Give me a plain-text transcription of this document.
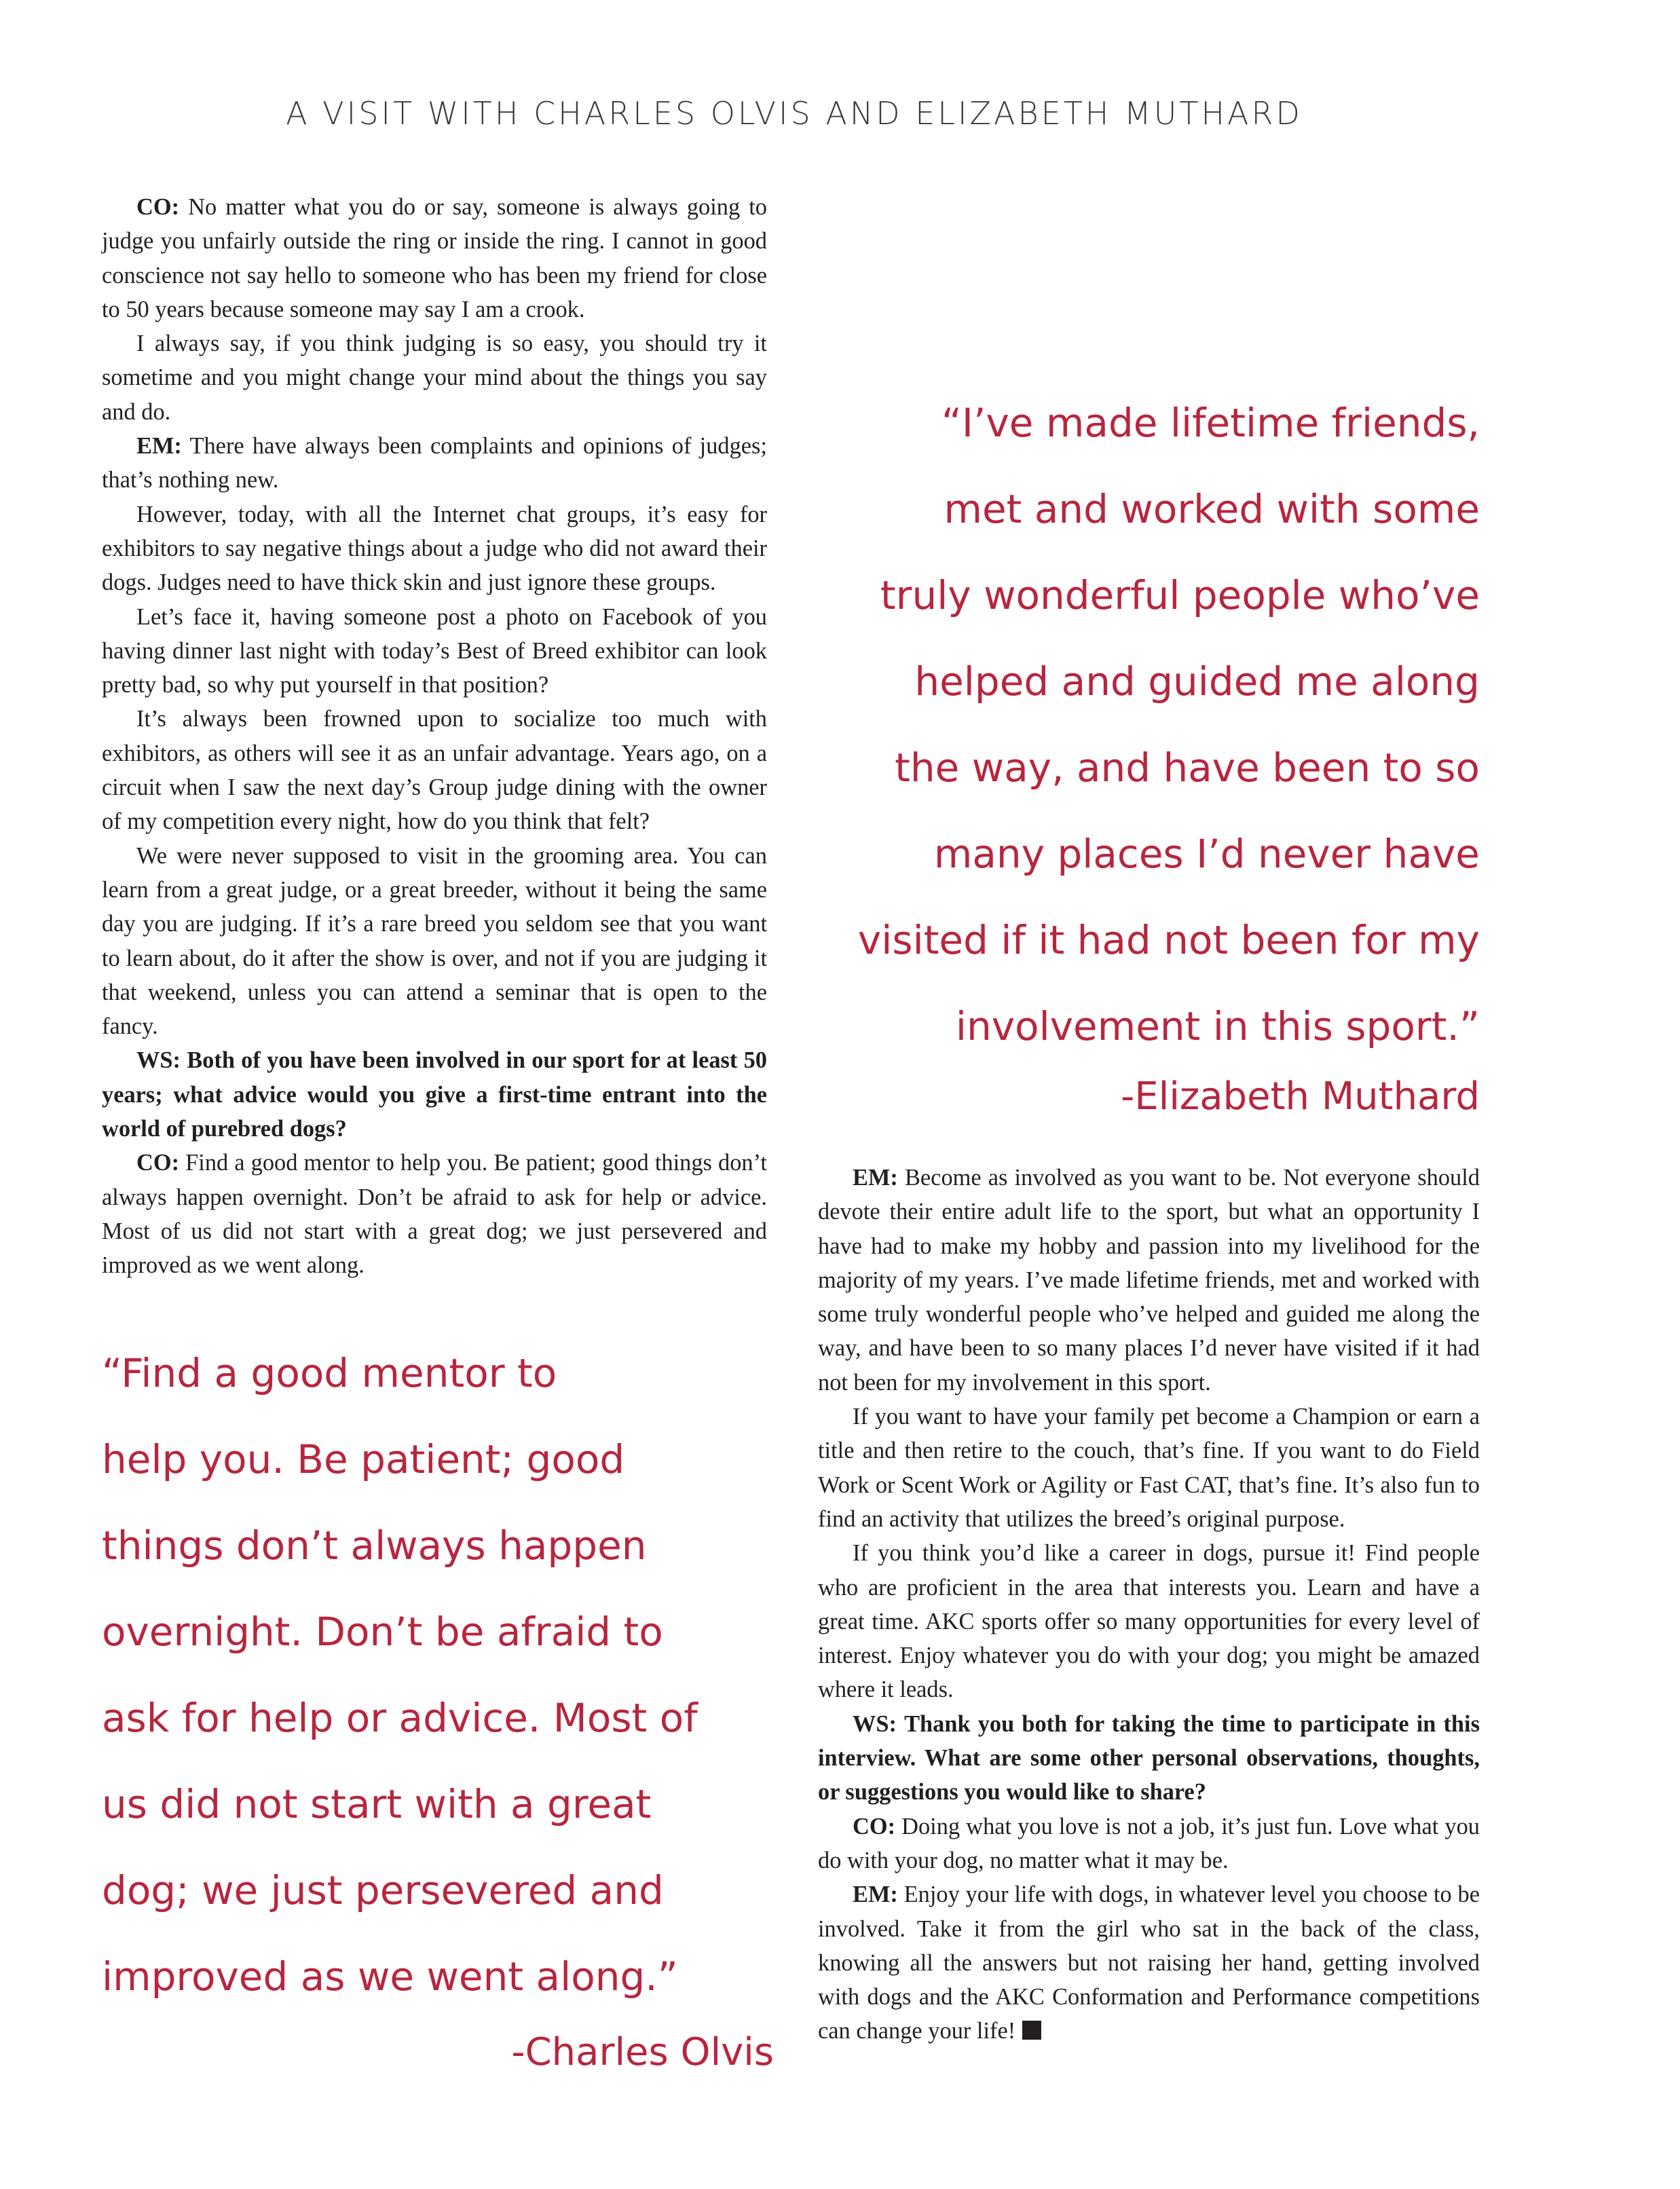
A VISIT WITH CHARLES OLVIS AND ELIZABETH MUTHARD

CO: No matter what you do or say, someone is always going to judge you unfairly outside the ring or inside the ring. I cannot in good conscience not say hello to someone who has been my friend for close to 50 years because someone may say I am a crook.

I always say, if you think judging is so easy, you should try it sometime and you might change your mind about the things you say and do.

EM: There have always been complaints and opinions of judges; that’s nothing new.

However, today, with all the Internet chat groups, it’s easy for exhibitors to say negative things about a judge who did not award their dogs. Judges need to have thick skin and just ignore these groups.

Let’s face it, having someone post a photo on Facebook of you having dinner last night with today’s Best of Breed exhibitor can look pretty bad, so why put yourself in that position?

It’s always been frowned upon to socialize too much with exhibitors, as others will see it as an unfair advantage. Years ago, on a circuit when I saw the next day’s Group judge dining with the owner of my competition every night, how do you think that felt?

We were never supposed to visit in the grooming area. You can learn from a great judge, or a great breeder, without it being the same day you are judging. If it’s a rare breed you seldom see that you want to learn about, do it after the show is over, and not if you are judging it that weekend, unless you can attend a seminar that is open to the fancy.

WS: Both of you have been involved in our sport for at least 50 years; what advice would you give a first-time entrant into the world of purebred dogs?

CO: Find a good mentor to help you. Be patient; good things don’t always happen overnight. Don’t be afraid to ask for help or advice. Most of us did not start with a great dog; we just persevered and improved as we went along.

“I’ve made lifetime friends,
met and worked with some
truly wonderful people who’ve
helped and guided me along
the way, and have been to so
many places I’d never have
visited if it had not been for my
involvement in this sport.”
-Elizabeth Muthard

EM: Become as involved as you want to be. Not everyone should devote their entire adult life to the sport, but what an opportunity I have had to make my hobby and passion into my livelihood for the majority of my years. I’ve made lifetime friends, met and worked with some truly wonderful people who’ve helped and guided me along the way, and have been to so many places I’d never have visited if it had not been for my involvement in this sport.

If you want to have your family pet become a Champion or earn a title and then retire to the couch, that’s fine. If you want to do Field Work or Scent Work or Agility or Fast CAT, that’s fine. It’s also fun to find an activity that utilizes the breed’s original purpose.

If you think you’d like a career in dogs, pursue it! Find people who are proficient in the area that interests you. Learn and have a great time. AKC sports offer so many opportunities for every level of interest. Enjoy whatever you do with your dog; you might be amazed where it leads.

WS: Thank you both for taking the time to participate in this interview. What are some other personal observations, thoughts, or suggestions you would like to share?

CO: Doing what you love is not a job, it’s just fun. Love what you do with your dog, no matter what it may be.

EM: Enjoy your life with dogs, in whatever level you choose to be involved. Take it from the girl who sat in the back of the class, knowing all the answers but not raising her hand, getting involved with dogs and the AKC Conformation and Performance competitions can change your life!

“Find a good mentor to
help you. Be patient; good
things don’t always happen
overnight. Don’t be afraid to
ask for help or advice. Most of
us did not start with a great
dog; we just persevered and
improved as we went along.”
-Charles Olvis
